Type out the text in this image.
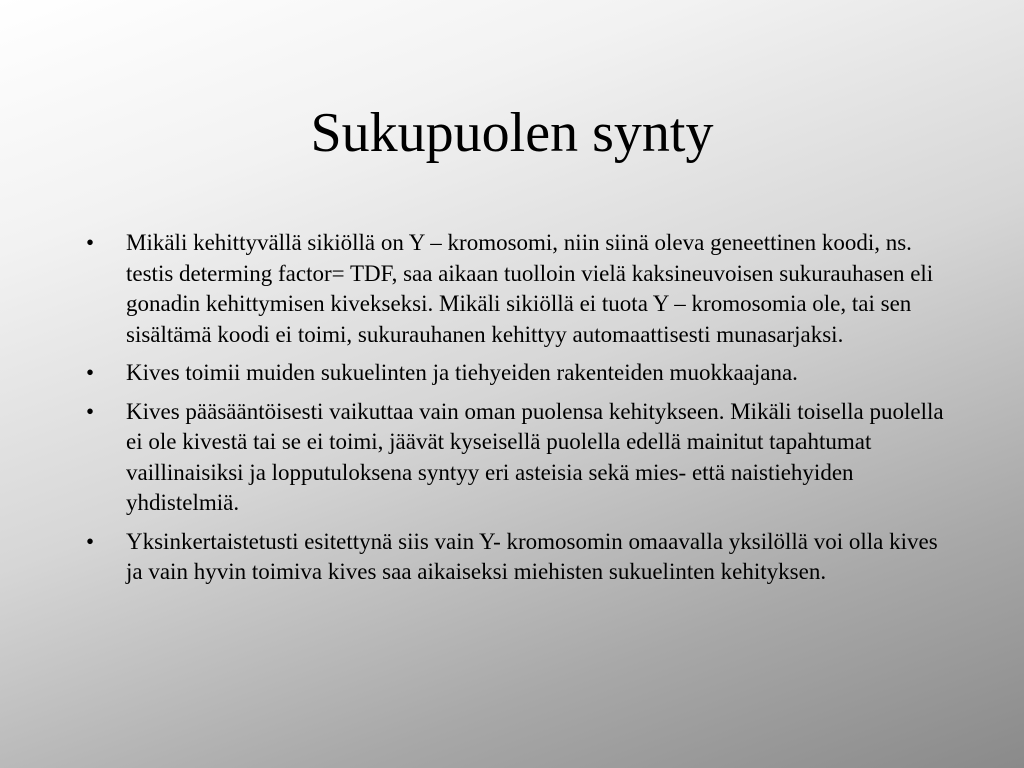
Sukupuolen synty
•	Mikäli kehittyvällä sikiöllä on Y – kromosomi, niin siinä oleva geneettinen koodi, ns. testis determing factor= TDF, saa aikaan tuolloin vielä kaksineuvoisen sukurauhasen eli gonadin kehittymisen kivekseksi. Mikäli sikiöllä ei tuota Y – kromosomia ole, tai sen sisältämä koodi ei toimi, sukurauhanen kehittyy automaattisesti munasarjaksi.
•	Kives toimii muiden sukuelinten ja tiehyeiden rakenteiden muokkaajana.
•	Kives pääsääntöisesti vaikuttaa vain oman puolensa kehitykseen. Mikäli toisella puolella ei ole kivestä tai se ei toimi, jäävät kyseisellä puolella edellä mainitut tapahtumat vaillinaisiksi ja lopputuloksena syntyy eri asteisia sekä mies- että naistiehyiden yhdistelmiä.
•	Yksinkertaistetusti esitettynä siis vain Y- kromosomin omaavalla yksilöllä voi olla kives ja vain hyvin toimiva kives saa aikaiseksi miehisten sukuelinten kehityksen.
